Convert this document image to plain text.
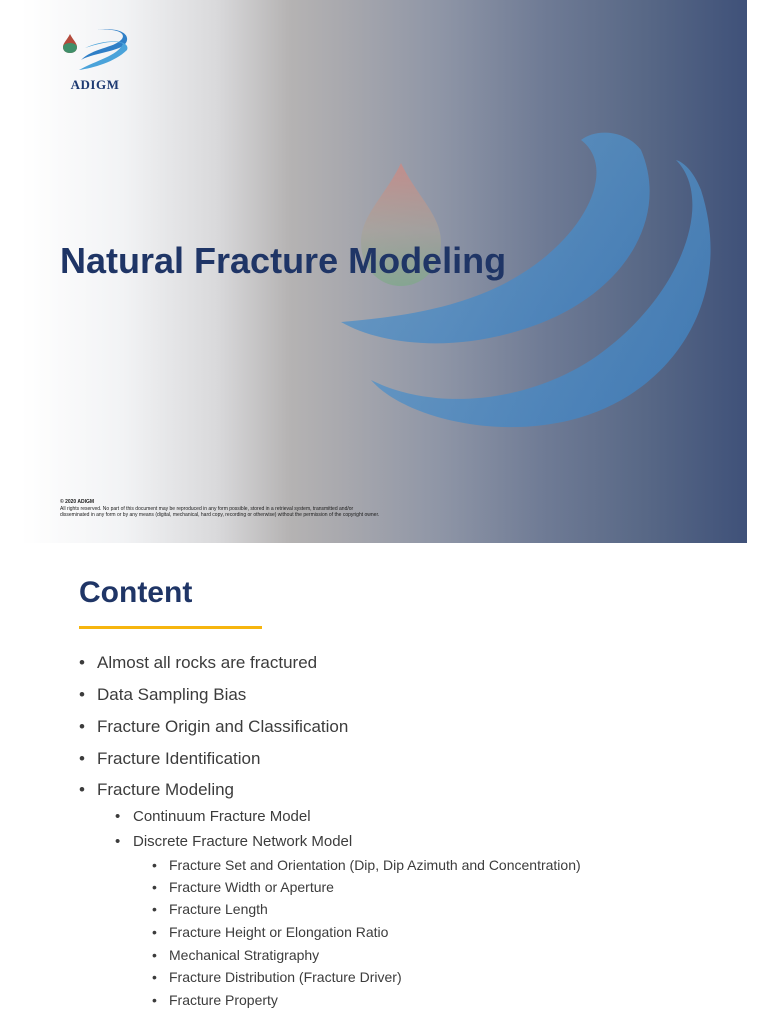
ADIGM
Natural Fracture Modeling
© 2020 ADIGM
All rights reserved. No part of this document may be reproduced in any form possible, stored in a retrieval system, transmitted and/or
disseminated in any form or by any means (digital, mechanical, hard copy, recording or otherwise) without the permission of the copyright owner.
Content
• Almost all rocks are fractured
• Data Sampling Bias
• Fracture Origin and Classification
• Fracture Identification
• Fracture Modeling
• Continuum Fracture Model
• Discrete Fracture Network Model
• Fracture Set and Orientation (Dip, Dip Azimuth and Concentration)
• Fracture Width or Aperture
• Fracture Length
• Fracture Height or Elongation Ratio
• Mechanical Stratigraphy
• Fracture Distribution (Fracture Driver)
• Fracture Property
